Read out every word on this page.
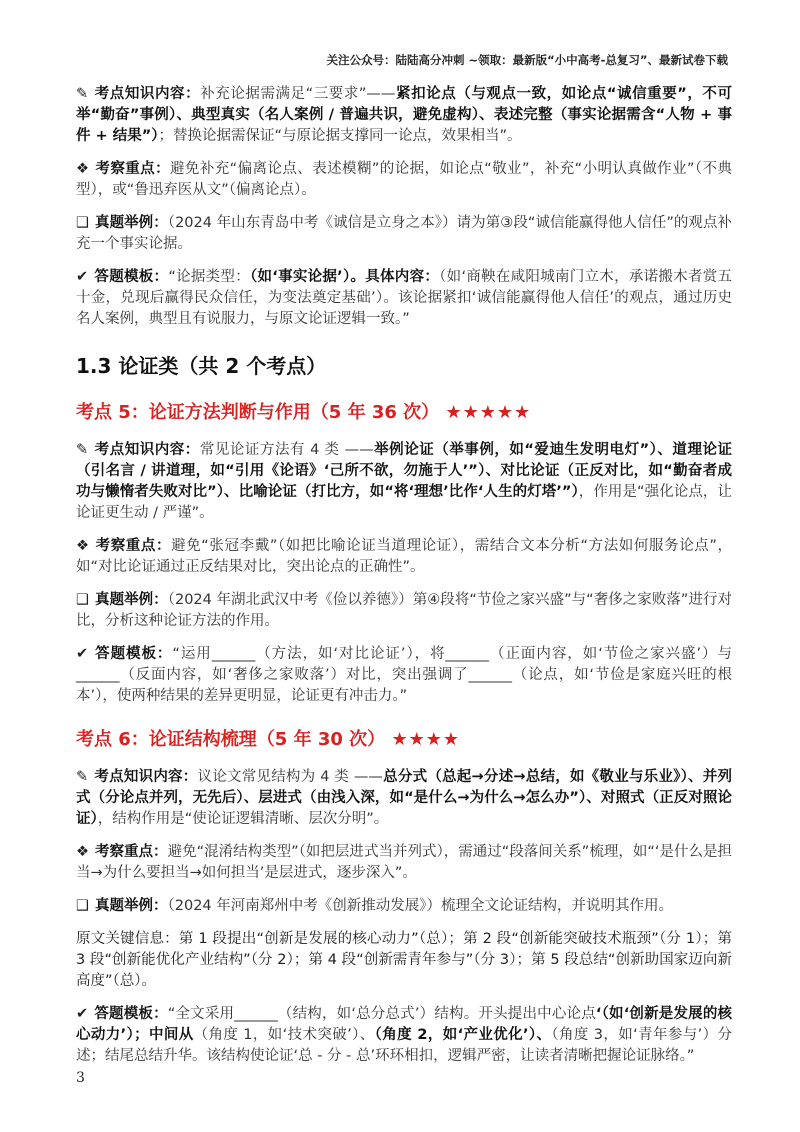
关注公众号：陆陆高分冲刺 ~领取：最新版“小中高考-总复习”、最新试卷下载

✎ 考点知识内容：补充论据需满足“三要求”——紧扣论点（与观点一致，如论点“诚信重要”，不可举“勤奋”事例）、典型真实（名人案例 / 普遍共识，避免虚构）、表述完整（事实论据需含“人物 + 事件 + 结果”）；替换论据需保证“与原论据支撑同一论点，效果相当”。

❖ 考察重点：避免补充“偏离论点、表述模糊”的论据，如论点“敬业”，补充“小明认真做作业”（不典型），或“鲁迅弃医从文”（偏离论点）。

❑ 真题举例：（2024 年山东青岛中考《诚信是立身之本》）请为第③段“诚信能赢得他人信任”的观点补充一个事实论据。

✔ 答题模板：“论据类型：（如‘事实论据’）。具体内容：（如‘商鞅在咸阳城南门立木，承诺搬木者赏五十金，兑现后赢得民众信任，为变法奠定基础’）。该论据紧扣‘诚信能赢得他人信任’的观点，通过历史名人案例，典型且有说服力，与原文论证逻辑一致。”

1.3 论证类（共 2 个考点）
考点 5：论证方法判断与作用（5 年 36 次） ★★★★★

✎ 考点知识内容：常见论证方法有 4 类 ——举例论证（举事例，如“爱迪生发明电灯”）、道理论证（引名言 / 讲道理，如“引用《论语》‘己所不欲，勿施于人’”）、对比论证（正反对比，如“勤奋者成功与懒惰者失败对比”）、比喻论证（打比方，如“将‘理想’比作‘人生的灯塔’”），作用是“强化论点，让论证更生动 / 严谨”。

❖ 考察重点：避免“张冠李戴”（如把比喻论证当道理论证），需结合文本分析“方法如何服务论点”，如“对比论证通过正反结果对比，突出论点的正确性”。

❑ 真题举例：（2024 年湖北武汉中考《俭以养德》）第④段将“节俭之家兴盛”与“奢侈之家败落”进行对比，分析这种论证方法的作用。

✔ 答题模板：“运用______（方法，如‘对比论证’），将______（正面内容，如‘节俭之家兴盛’）与______（反面内容，如‘奢侈之家败落’）对比，突出强调了______（论点，如‘节俭是家庭兴旺的根本’），使两种结果的差异更明显，论证更有冲击力。”

考点 6：论证结构梳理（5 年 30 次） ★★★★

✎ 考点知识内容：议论文常见结构为 4 类 ——总分式（总起→分述→总结，如《敬业与乐业》）、并列式（分论点并列，无先后）、层进式（由浅入深，如“是什么→为什么→怎么办”）、对照式（正反对照论证），结构作用是“使论证逻辑清晰、层次分明”。

❖ 考察重点：避免“混淆结构类型”（如把层进式当并列式），需通过“段落间关系”梳理，如“‘是什么是担当→为什么要担当→如何担当’是层进式，逐步深入”。

❑ 真题举例：（2024 年河南郑州中考《创新推动发展》）梳理全文论证结构，并说明其作用。

原文关键信息：第 1 段提出“创新是发展的核心动力”（总）；第 2 段“创新能突破技术瓶颈”（分 1）；第 3 段“创新能优化产业结构”（分 2）；第 4 段“创新需青年参与”（分 3）；第 5 段总结“创新助国家迈向新高度”（总）。

✔ 答题模板：“全文采用______（结构，如‘总分总式’）结构。开头提出中心论点‘（如‘创新是发展的核心动力’）；中间从（角度 1，如‘技术突破’）、（角度 2，如‘产业优化’）、（角度 3，如‘青年参与’）分述；结尾总结升华。该结构使论证‘总 - 分 - 总’环环相扣，逻辑严密，让读者清晰把握论证脉络。”

3
